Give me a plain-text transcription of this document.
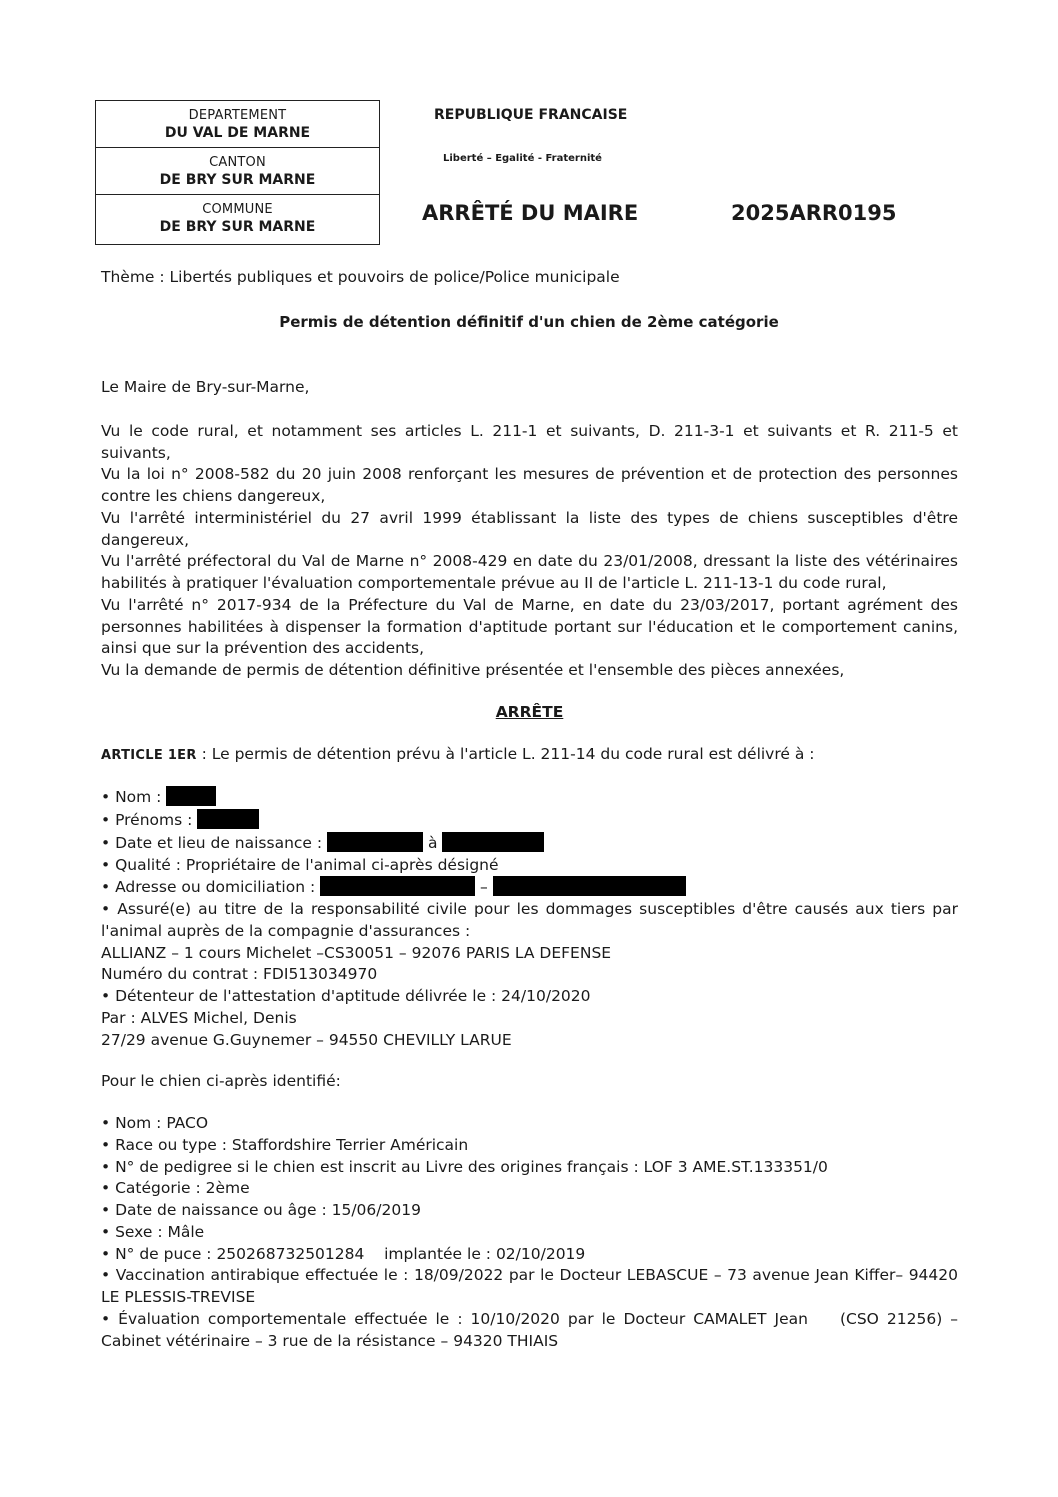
DEPARTEMENT
DU VAL DE MARNE
CANTON
DE BRY SUR MARNE
COMMUNE
DE BRY SUR MARNE
REPUBLIQUE FRANCAISE
Liberté – Egalité - Fraternité
ARRÊTÉ DU MAIRE	2025ARR0195
Thème : Libertés publiques et pouvoirs de police/Police municipale
Permis de détention définitif d'un chien de 2ème catégorie

Le Maire de Bry-sur-Marne,

Vu le code rural, et notamment ses articles L. 211-1 et suivants, D. 211-3-1 et suivants et R. 211-5 et suivants,

Vu la loi n° 2008-582 du 20 juin 2008 renforçant les mesures de prévention et de protection des personnes contre les chiens dangereux,

Vu l'arrêté interministériel du 27 avril 1999 établissant la liste des types de chiens susceptibles d'être dangereux,

Vu l'arrêté préfectoral du Val de Marne n° 2008-429 en date du 23/01/2008, dressant la liste des vétérinaires habilités à pratiquer l'évaluation comportementale prévue au II de l'article L. 211-13-1 du code rural,

Vu l'arrêté n° 2017-934 de la Préfecture du Val de Marne, en date du 23/03/2017, portant agrément des personnes habilitées à dispenser la formation d'aptitude portant sur l'éducation et le comportement canins, ainsi que sur la prévention des accidents,

Vu la demande de permis de détention définitive présentée et l'ensemble des pièces annexées,

ARRÊTE

ARTICLE 1ER : Le permis de détention prévu à l'article L. 211-14 du code rural est délivré à :

• Nom :

• Prénoms :

• Date et lieu de naissance :	à

• Qualité : Propriétaire de l'animal ci-après désigné

• Adresse ou domiciliation :	–

• Assuré(e) au titre de la responsabilité civile pour les dommages susceptibles d'être causés aux tiers par l'animal auprès de la compagnie d'assurances :

ALLIANZ – 1 cours Michelet –CS30051 – 92076 PARIS LA DEFENSE

Numéro du contrat : FDI513034970

• Détenteur de l'attestation d'aptitude délivrée le : 24/10/2020

Par : ALVES Michel, Denis

27/29 avenue G.Guynemer – 94550 CHEVILLY LARUE

Pour le chien ci-après identifié:

• Nom : PACO

• Race ou type : Staffordshire Terrier Américain

• N° de pedigree si le chien est inscrit au Livre des origines français : LOF 3 AME.ST.133351/0

• Catégorie : 2ème

• Date de naissance ou âge : 15/06/2019

• Sexe : Mâle

• N° de puce : 250268732501284    implantée le : 02/10/2019

• Vaccination antirabique effectuée le : 18/09/2022 par le Docteur LEBASCUE – 73 avenue Jean Kiffer– 94420 LE PLESSIS-TREVISE

• Évaluation comportementale effectuée le : 10/10/2020 par le Docteur CAMALET Jean    (CSO 21256) – Cabinet vétérinaire – 3 rue de la résistance – 94320 THIAIS
